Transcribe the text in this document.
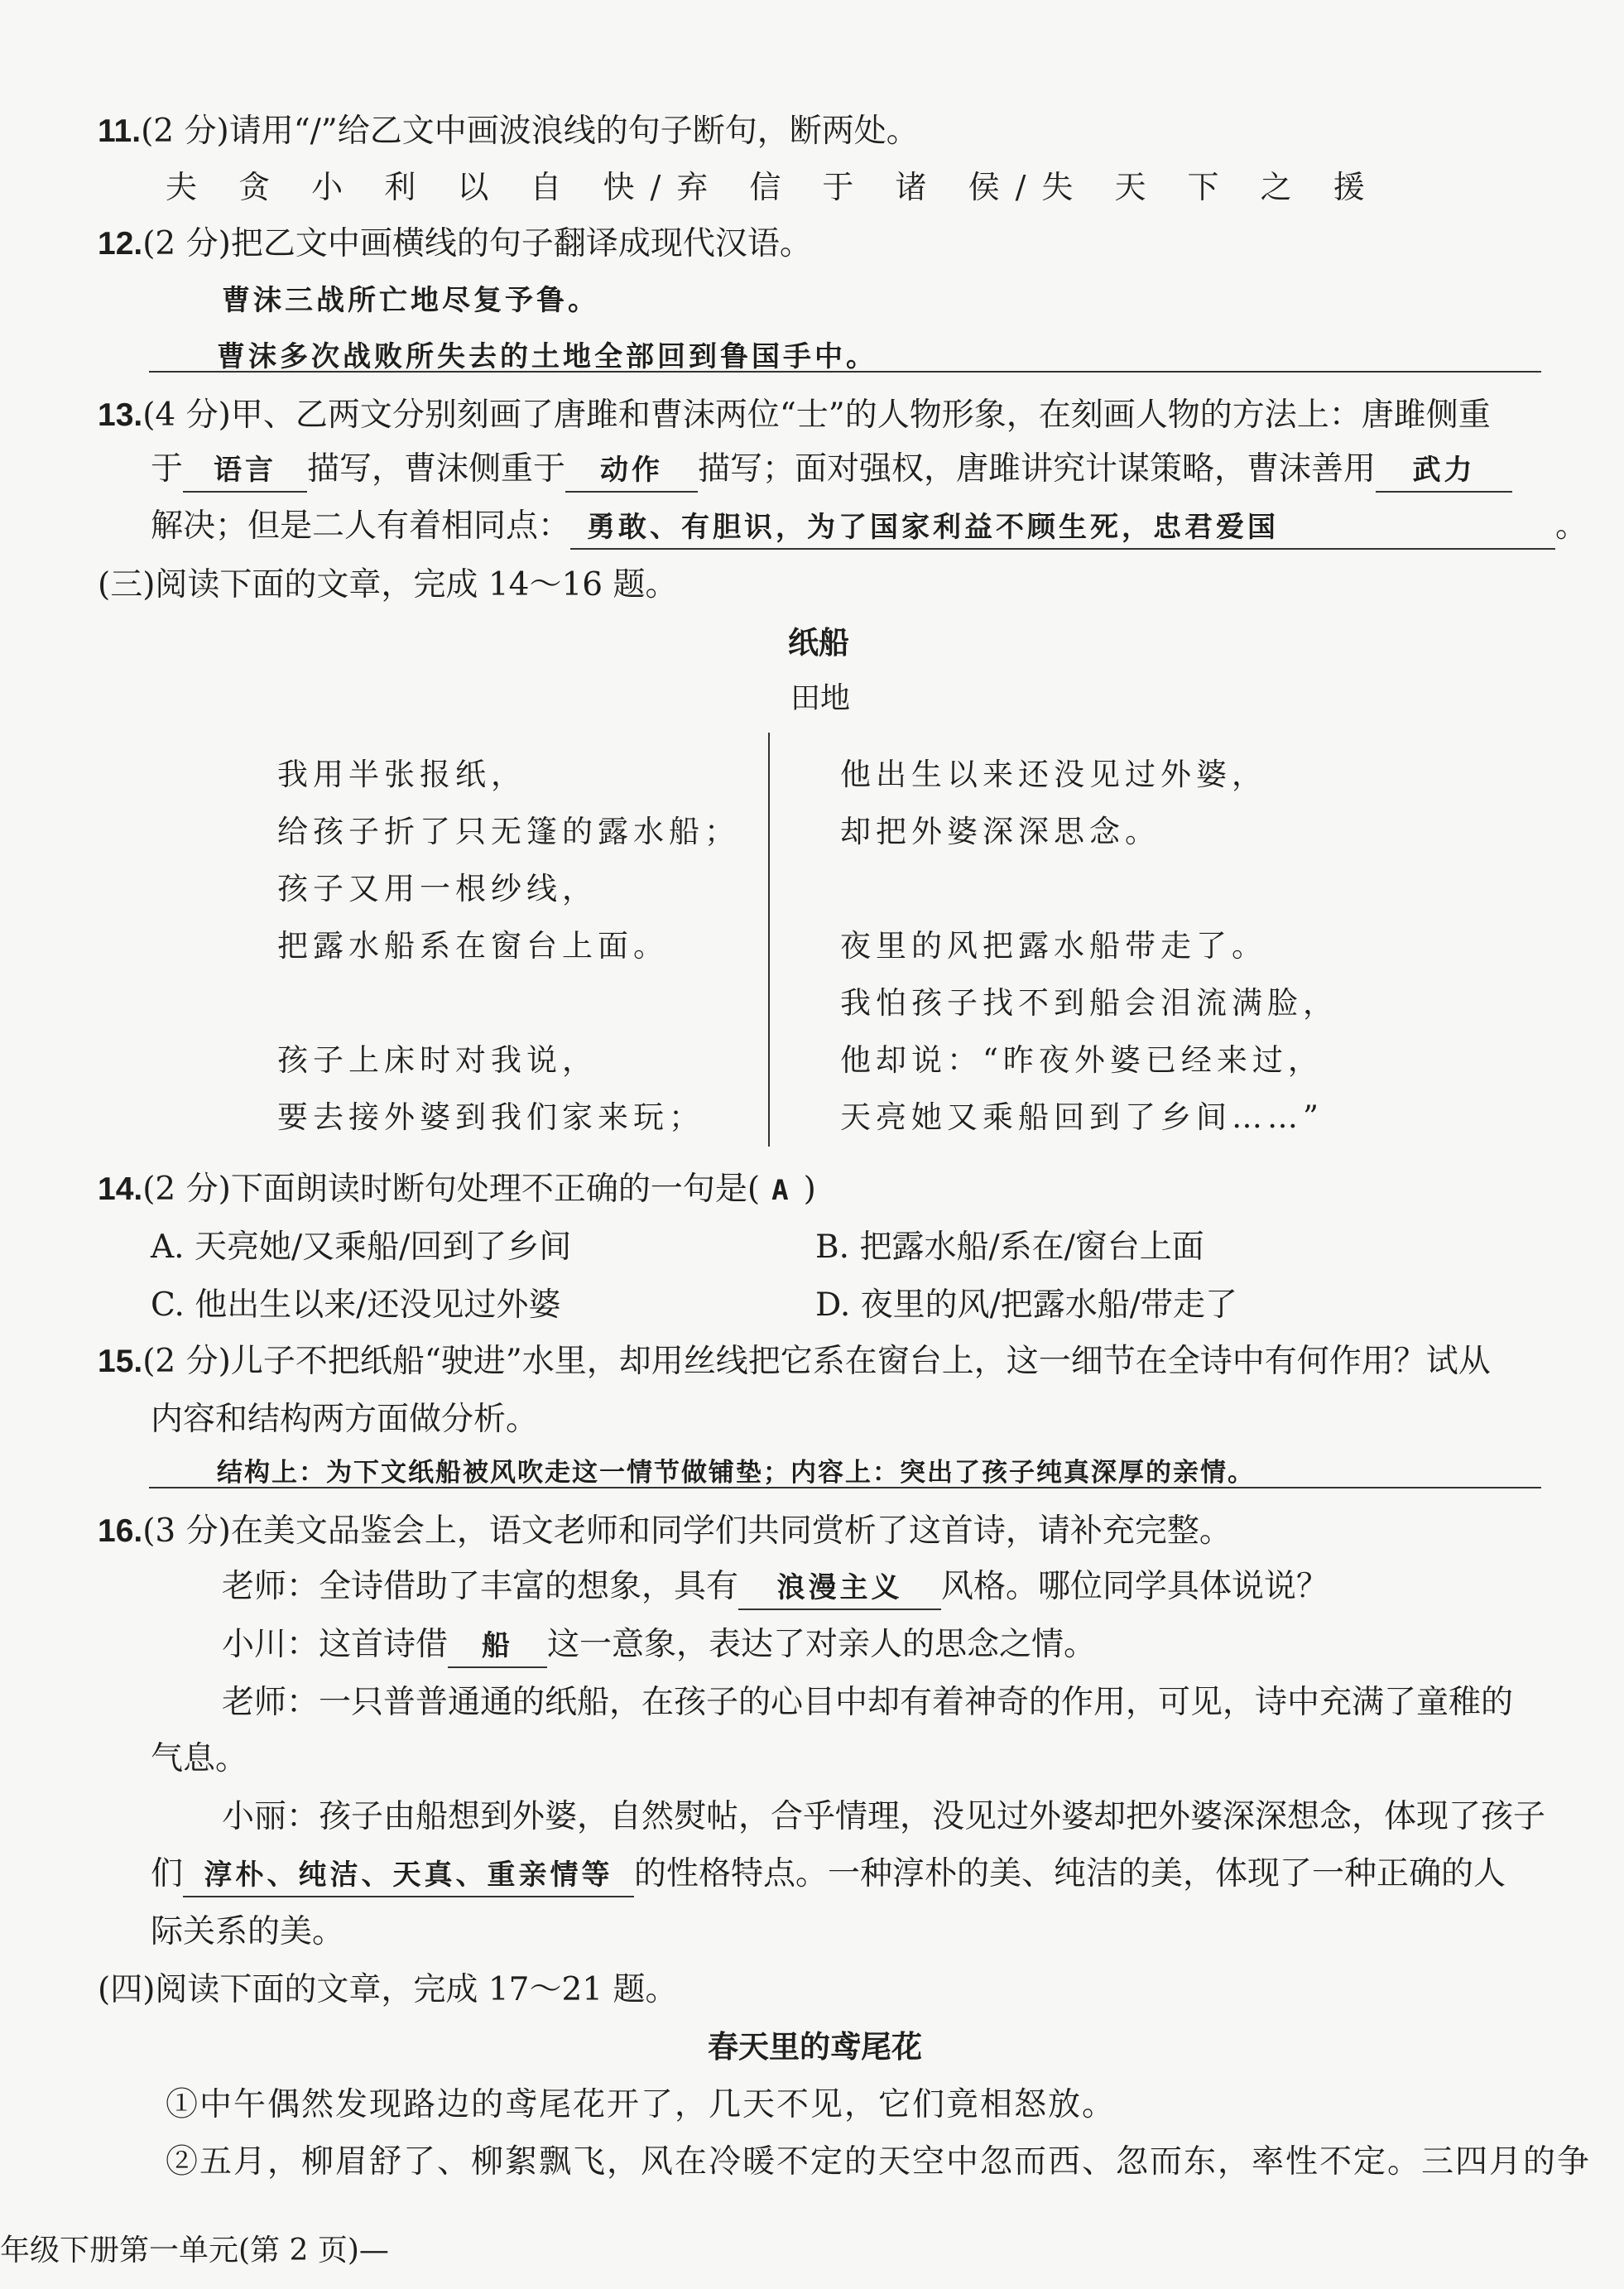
11.(2 分)请用“/”给乙文中画波浪线的句子断句，断两处。
夫 贪 小 利 以 自 快/弃 信 于 诸 侯/失 天 下 之 援
12.(2 分)把乙文中画横线的句子翻译成现代汉语。
曹沫三战所亡地尽复予鲁。
曹沫多次战败所失去的土地全部回到鲁国手中。
13.(4 分)甲、乙两文分别刻画了唐雎和曹沫两位“士”的人物形象，在刻画人物的方法上：唐雎侧重
于 语言 描写，曹沫侧重于 动作 描写；面对强权，唐雎讲究计谋策略，曹沫善用 武力
解决；但是二人有着相同点： 勇敢、有胆识，为了国家利益不顾生死，忠君爱国	。
(三)阅读下面的文章，完成 14～16 题。
纸船
田地
我用半张报纸，
给孩子折了只无篷的露水船；
孩子又用一根纱线，
把露水船系在窗台上面。
孩子上床时对我说，
要去接外婆到我们家来玩；
他出生以来还没见过外婆，
却把外婆深深思念。
夜里的风把露水船带走了。
我怕孩子找不到船会泪流满脸，
他却说：“昨夜外婆已经来过，
天亮她又乘船回到了乡间……”
14.(2 分)下面朗读时断句处理不正确的一句是( A )
A. 天亮她/又乘船/回到了乡间	B. 把露水船/系在/窗台上面
C. 他出生以来/还没见过外婆	D. 夜里的风/把露水船/带走了
15.(2 分)儿子不把纸船“驶进”水里，却用丝线把它系在窗台上，这一细节在全诗中有何作用？试从
内容和结构两方面做分析。
结构上：为下文纸船被风吹走这一情节做铺垫；内容上：突出了孩子纯真深厚的亲情。
16.(3 分)在美文品鉴会上，语文老师和同学们共同赏析了这首诗，请补充完整。
老师：全诗借助了丰富的想象，具有 浪漫主义 风格。哪位同学具体说说？
小川：这首诗借 船 这一意象，表达了对亲人的思念之情。
老师：一只普普通通的纸船，在孩子的心目中却有着神奇的作用，可见，诗中充满了童稚的
气息。
小丽：孩子由船想到外婆，自然熨帖，合乎情理，没见过外婆却把外婆深深想念，体现了孩子
们 淳朴、纯洁、天真、重亲情等 的性格特点。一种淳朴的美、纯洁的美，体现了一种正确的人
际关系的美。
(四)阅读下面的文章，完成 17～21 题。
春天里的鸢尾花
①中午偶然发现路边的鸢尾花开了，几天不见，它们竟相怒放。
②五月，柳眉舒了、柳絮飘飞，风在冷暖不定的天空中忽而西、忽而东，率性不定。三四月的争
年级下册第一单元(第 2 页)—
